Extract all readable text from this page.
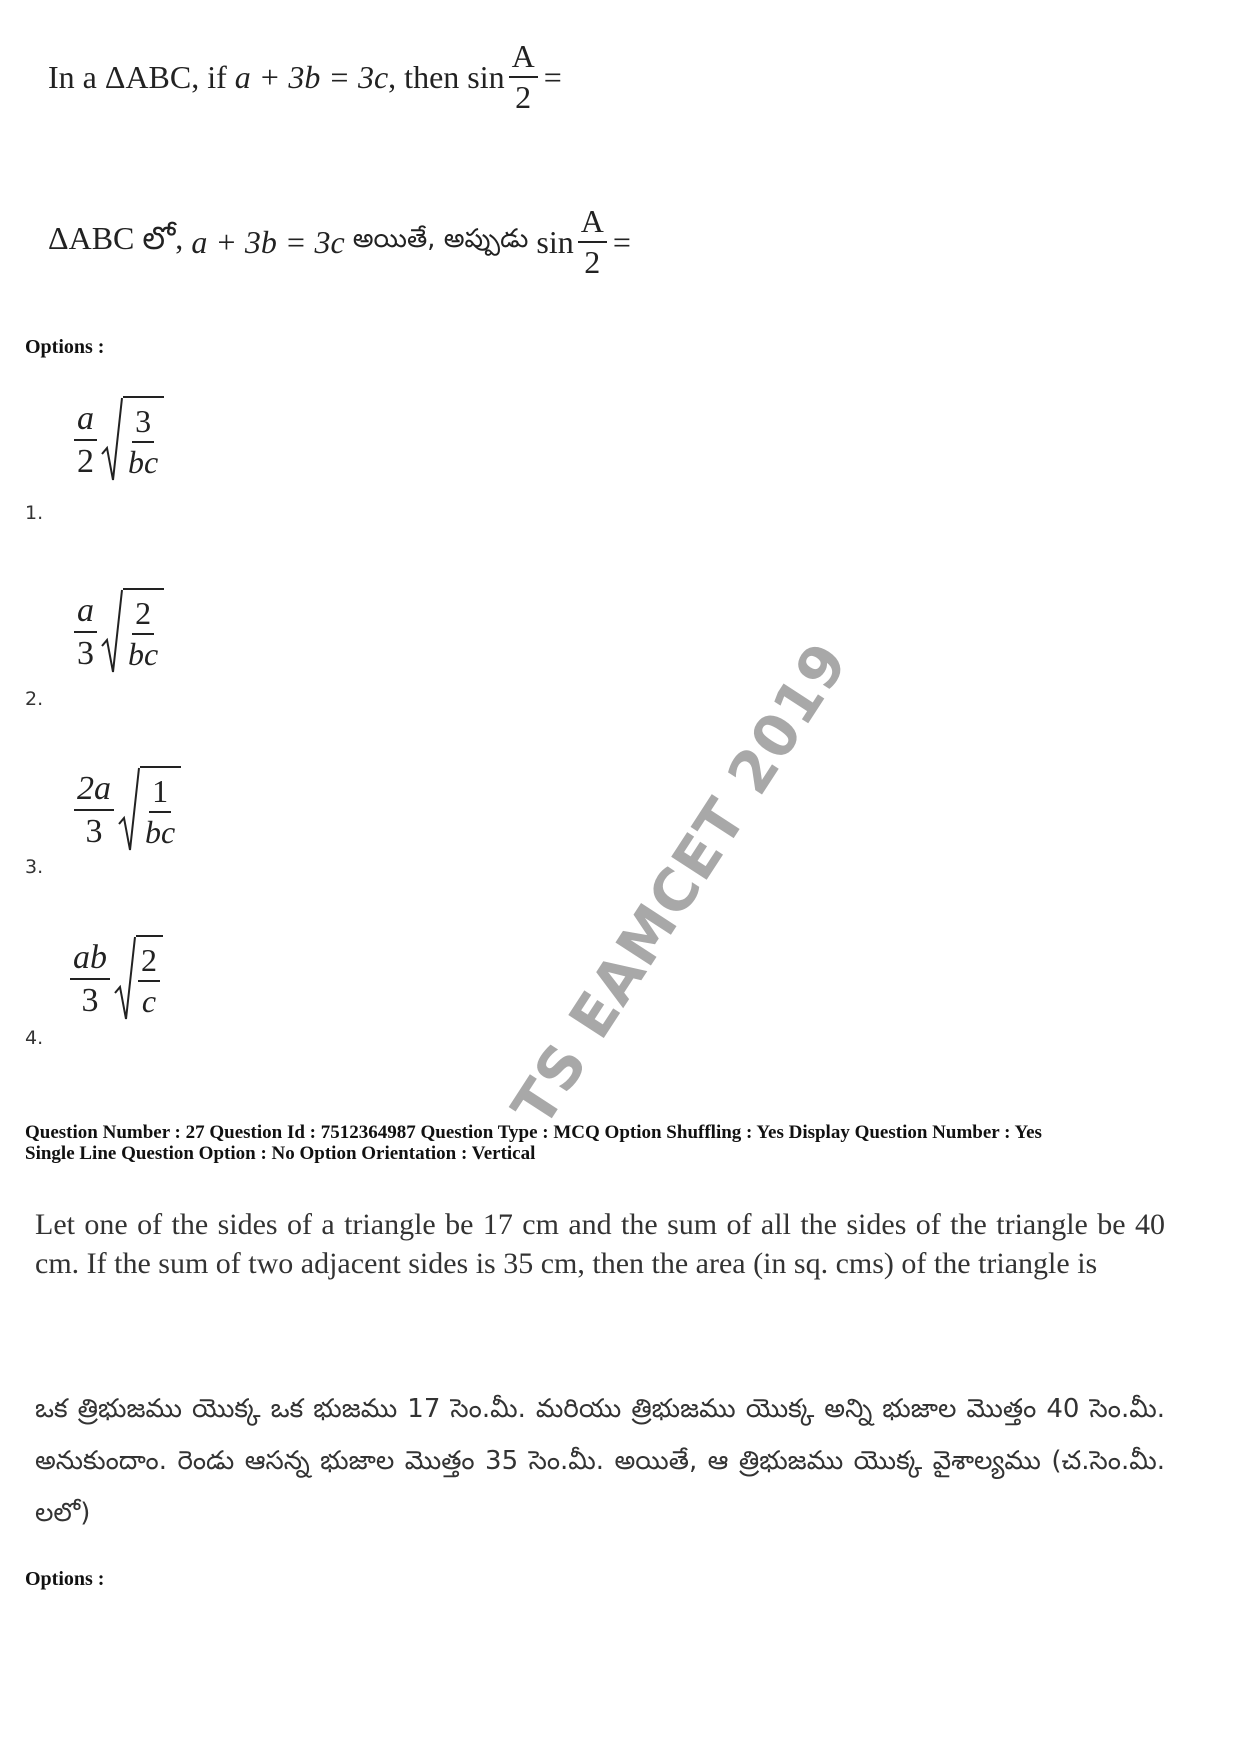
In a ΔABC, if
a + 3b = 3c , then
$\sin \frac{A}{2}$ =
ΔABC లో,
a + 3b = 3c
అయితే, అప్పుడు
$\sin \frac{A}{2}$ =
Options :
$\frac{a}{2} \frac{3}{bc}$
1.
$\frac{a}{3} \frac{2}{bc}$
2.
$\frac{2a}{3} \frac{1}{bc}$
3.
$\frac{ab}{3} \frac{2}{c}$
4.	TS EAMCET 2019
Question Number : 27 Question Id : 7512364987 Question Type : MCQ Option Shuffling : Yes Display Question Number : Yes
Single Line Question Option : No Option Orientation : Vertical
Let one of the sides of a triangle be 17 cm and the sum of all the sides of the triangle be 40 cm. If the sum of two adjacent sides is 35 cm, then the area (in sq. cms) of the triangle is
ఒక త్రిభుజము యొక్క ఒక భుజము 17 సెం.మీ. మరియు త్రిభుజము యొక్క అన్ని భుజాల మొత్తం 40 సెం.మీ. అనుకుందాం. రెండు ఆసన్న భుజాల మొత్తం 35 సెం.మీ. అయితే, ఆ త్రిభుజము యొక్క వైశాల్యము (చ.సెం.మీ. లలో)
Options :
